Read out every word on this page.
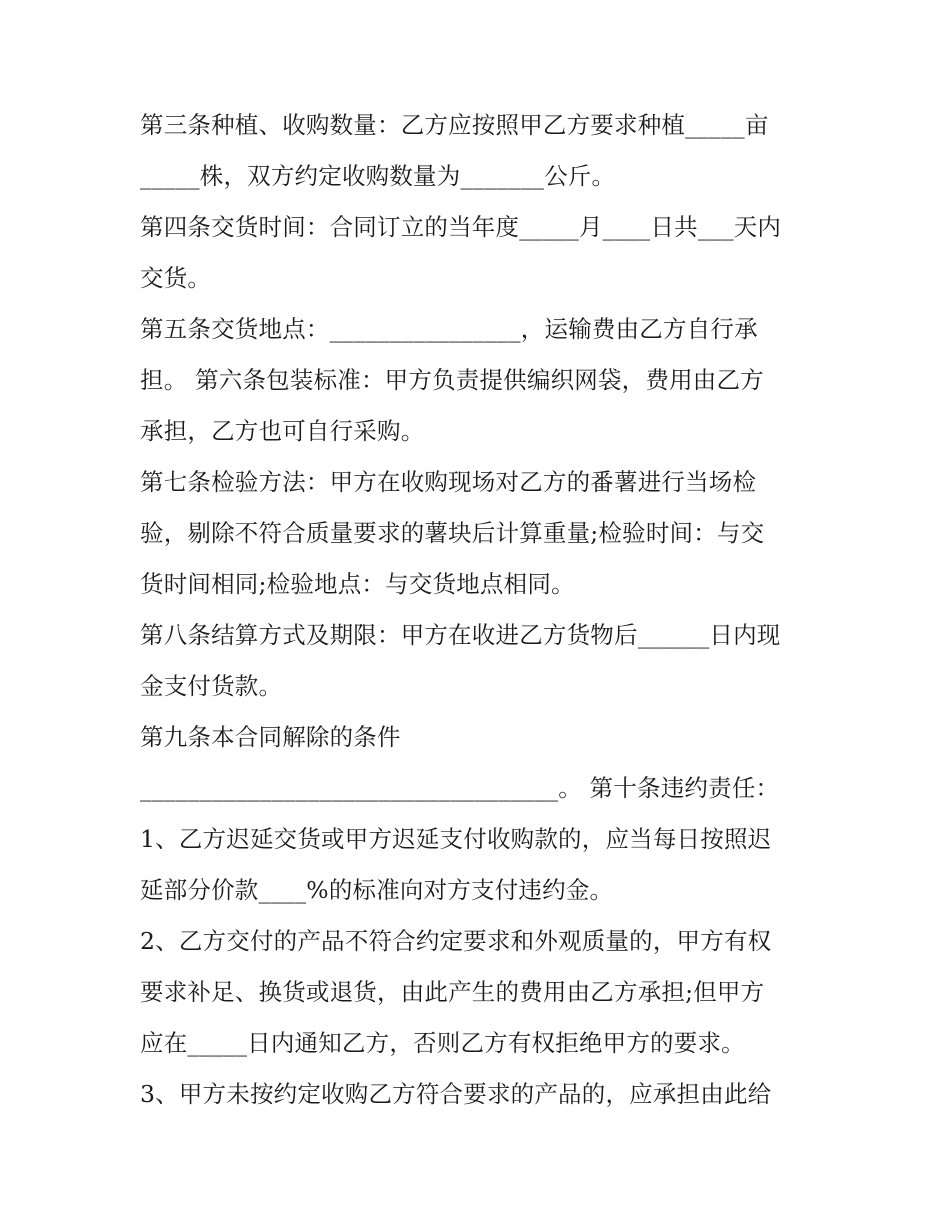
第三条种植、收购数量：乙方应按照甲乙方要求种植_____亩
_____株，双方约定收购数量为_______公斤。
第四条交货时间：合同订立的当年度_____月____日共___天内
交货。
第五条交货地点：________________，运输费由乙方自行承
担。 第六条包装标准：甲方负责提供编织网袋，费用由乙方
承担，乙方也可自行采购。
第七条检验方法：甲方在收购现场对乙方的番薯进行当场检
验，剔除不符合质量要求的薯块后计算重量;检验时间：与交
货时间相同;检验地点：与交货地点相同。
第八条结算方式及期限：甲方在收进乙方货物后______日内现
金支付货款。
第九条本合同解除的条件
___________________________________。 第十条违约责任：
1、乙方迟延交货或甲方迟延支付收购款的，应当每日按照迟
延部分价款____%的标准向对方支付违约金。
2、乙方交付的产品不符合约定要求和外观质量的，甲方有权
要求补足、换货或退货，由此产生的费用由乙方承担;但甲方
应在_____日内通知乙方，否则乙方有权拒绝甲方的要求。
3、甲方未按约定收购乙方符合要求的产品的，应承担由此给
